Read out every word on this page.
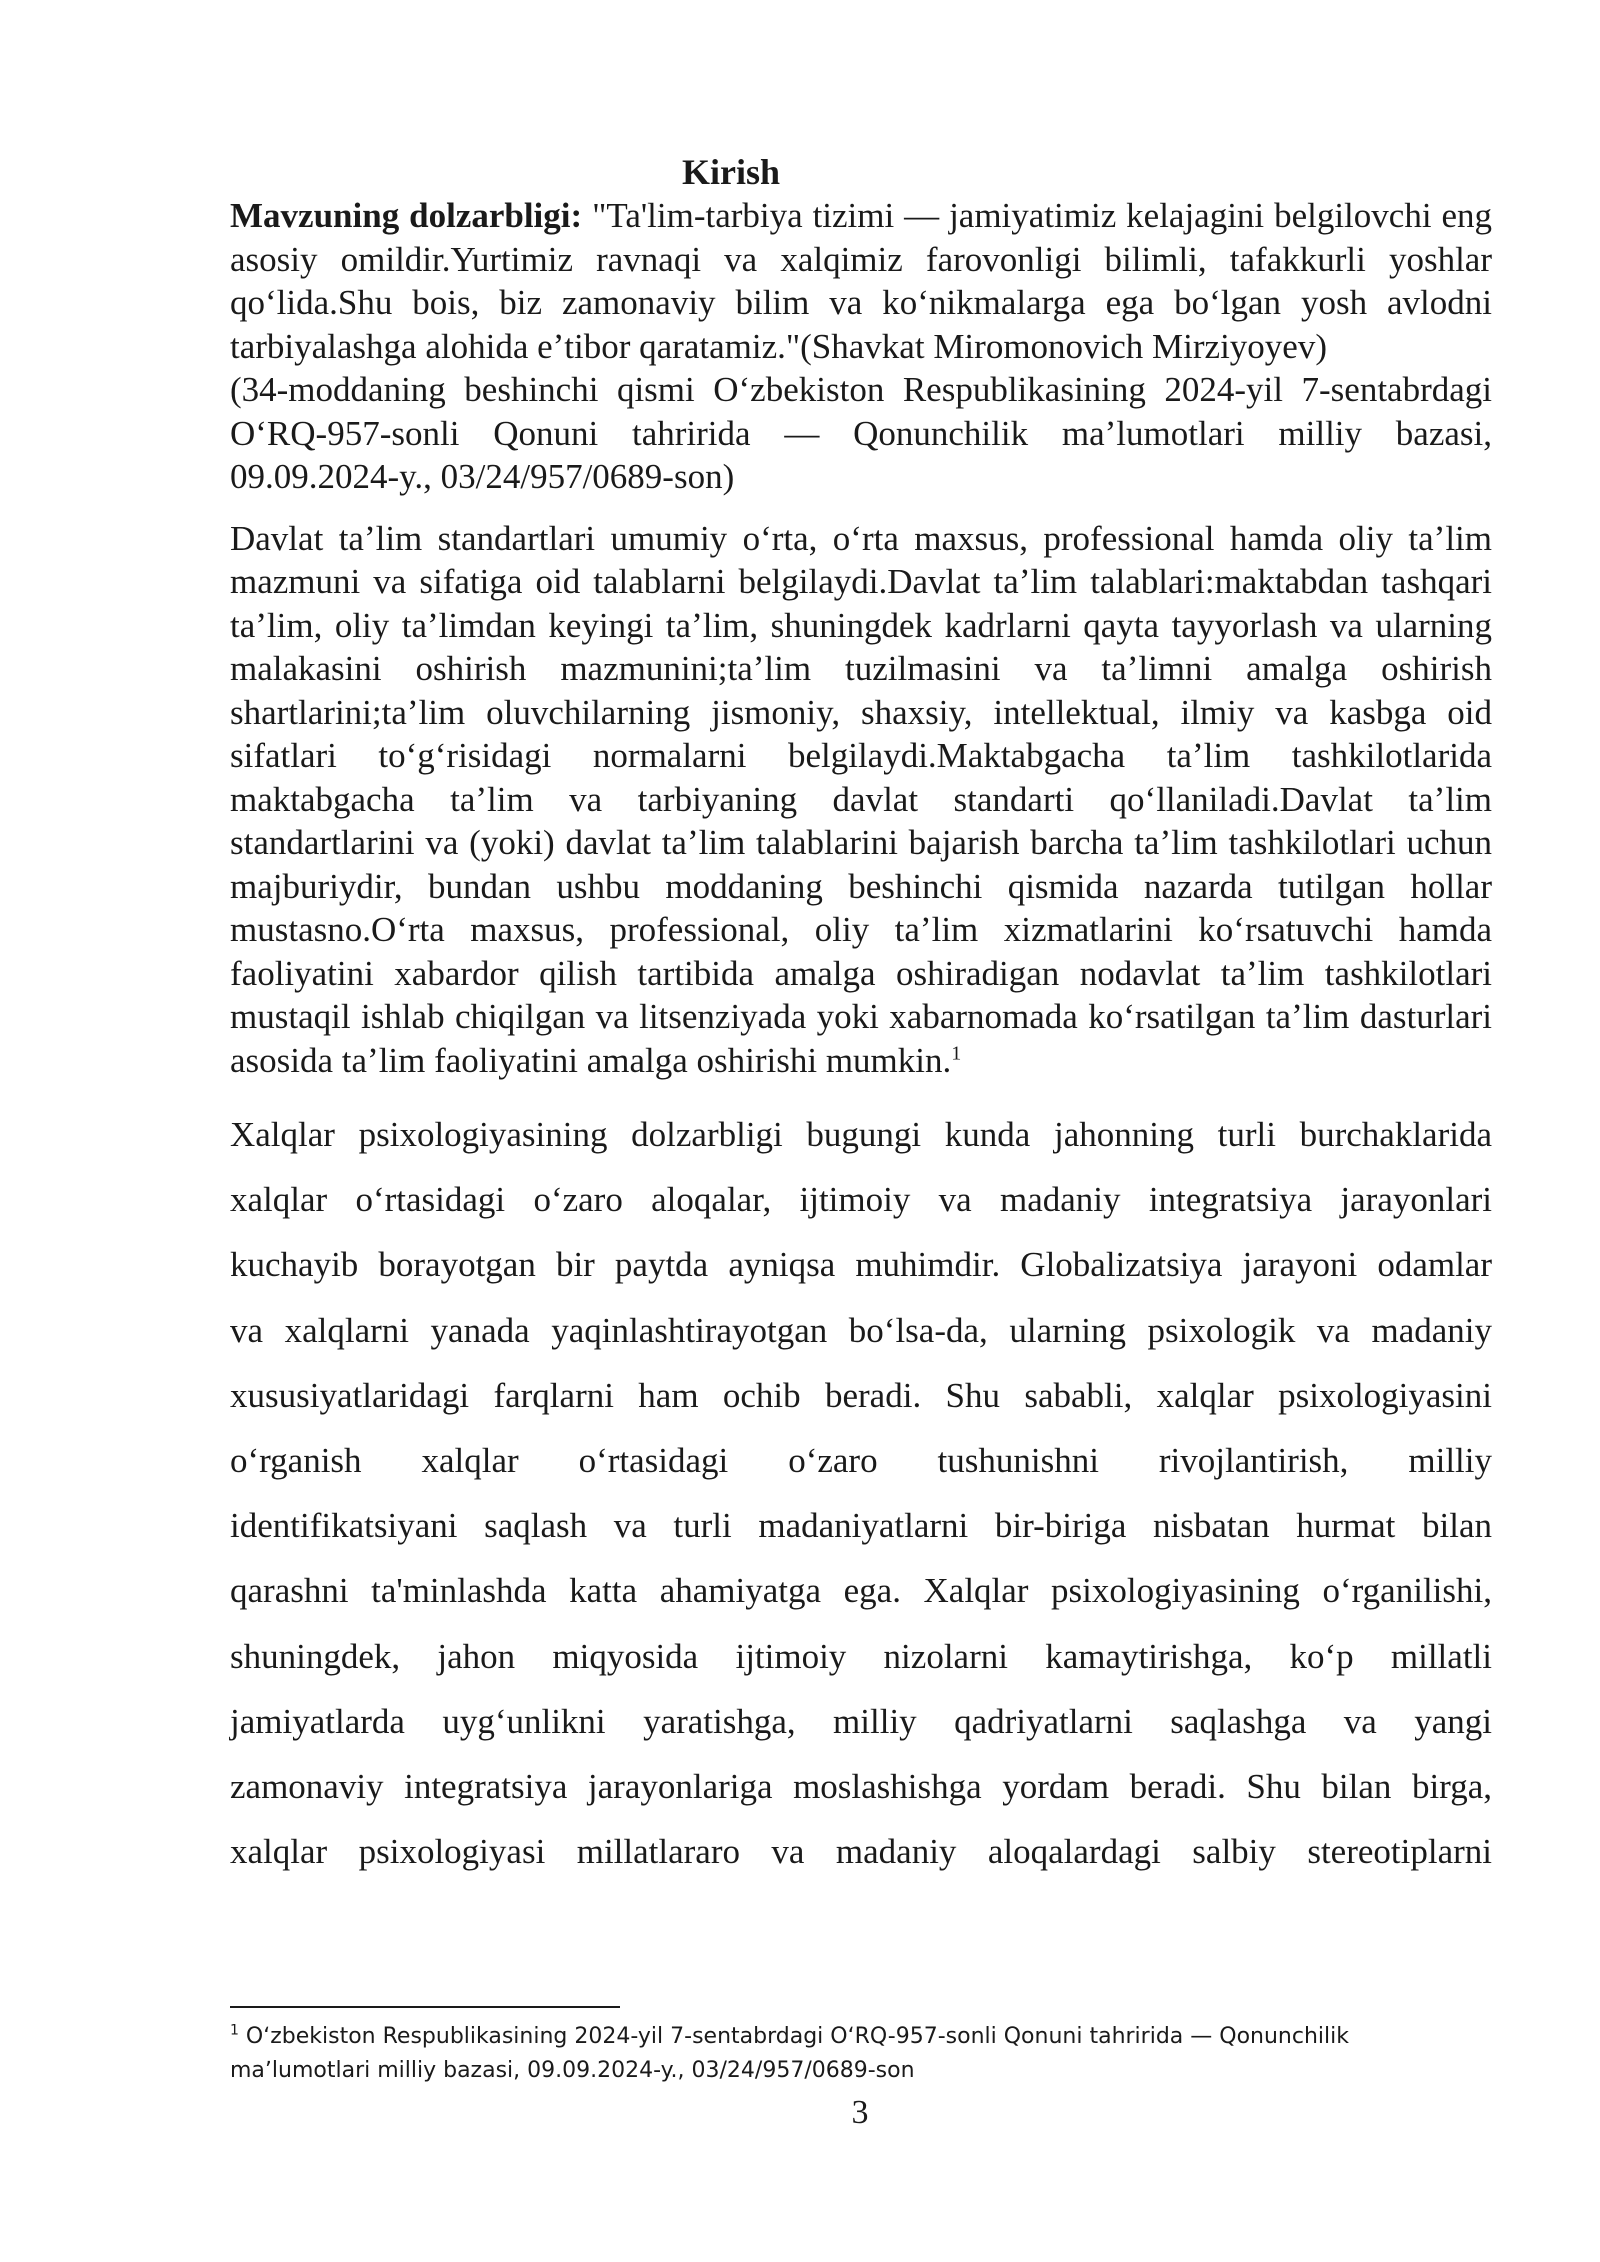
Kirish

Mavzuning dolzarbligi: "Ta'lim-tarbiya tizimi — jamiyatimiz kelajagini belgilovchi eng asosiy omildir.Yurtimiz ravnaqi va xalqimiz farovonligi bilimli, tafakkurli yoshlar qoʻlida.Shu bois, biz zamonaviy bilim va koʻnikmalarga ega boʻlgan yosh avlodni tarbiyalashga alohida eʼtibor qaratamiz."(Shavkat Miromonovich Mirziyoyev)

(34-moddaning beshinchi qismi Oʻzbekiston Respublikasining 2024-yil 7-sentabrdagi OʻRQ-957-sonli Qonuni tahririda — Qonunchilik maʼlumotlari milliy bazasi, 09.09.2024-y., 03/24/957/0689-son)

Davlat taʼlim standartlari umumiy oʻrta, oʻrta maxsus, professional hamda oliy taʼlim mazmuni va sifatiga oid talablarni belgilaydi.Davlat taʼlim talablari:maktabdan tashqari taʼlim, oliy taʼlimdan keyingi taʼlim, shuningdek kadrlarni qayta tayyorlash va ularning malakasini oshirish mazmunini;taʼlim tuzilmasini va taʼlimni amalga oshirish shartlarini;taʼlim oluvchilarning jismoniy, shaxsiy, intellektual, ilmiy va kasbga oid sifatlari toʻgʻrisidagi normalarni belgilaydi.Maktabgacha taʼlim tashkilotlarida maktabgacha taʼlim va tarbiyaning davlat standarti qoʻllaniladi.Davlat taʼlim standartlarini va (yoki) davlat taʼlim talablarini bajarish barcha taʼlim tashkilotlari uchun majburiydir, bundan ushbu moddaning beshinchi qismida nazarda tutilgan hollar mustasno.Oʻrta maxsus, professional, oliy taʼlim xizmatlarini koʻrsatuvchi hamda faoliyatini xabardor qilish tartibida amalga oshiradigan nodavlat taʼlim tashkilotlari mustaqil ishlab chiqilgan va litsenziyada yoki xabarnomada koʻrsatilgan taʼlim dasturlari asosida taʼlim faoliyatini amalga oshirishi mumkin.$^1$

Xalqlar psixologiyasining dolzarbligi bugungi kunda jahonning turli burchaklarida

xalqlar oʻrtasidagi oʻzaro aloqalar, ijtimoiy va madaniy integratsiya jarayonlari

kuchayib borayotgan bir paytda ayniqsa muhimdir. Globalizatsiya jarayoni odamlar

va xalqlarni yanada yaqinlashtirayotgan boʻlsa-da, ularning psixologik va madaniy

xususiyatlaridagi farqlarni ham ochib beradi. Shu sababli, xalqlar psixologiyasini

oʻrganish xalqlar oʻrtasidagi oʻzaro tushunishni rivojlantirish, milliy

identifikatsiyani saqlash va turli madaniyatlarni bir-biriga nisbatan hurmat bilan

qarashni ta'minlashda katta ahamiyatga ega. Xalqlar psixologiyasining oʻrganilishi,

shuningdek, jahon miqyosida ijtimoiy nizolarni kamaytirishga, koʻp millatli

jamiyatlarda uygʻunlikni yaratishga, milliy qadriyatlarni saqlashga va yangi

zamonaviy integratsiya jarayonlariga moslashishga yordam beradi. Shu bilan birga,

xalqlar psixologiyasi millatlararo va madaniy aloqalardagi salbiy stereotiplarni

$^1$ Oʻzbekiston Respublikasining 2024-yil 7-sentabrdagi OʻRQ-957-sonli Qonuni tahririda — Qonunchilik maʼlumotlari milliy bazasi, 09.09.2024-y., 03/24/957/0689-son
3
